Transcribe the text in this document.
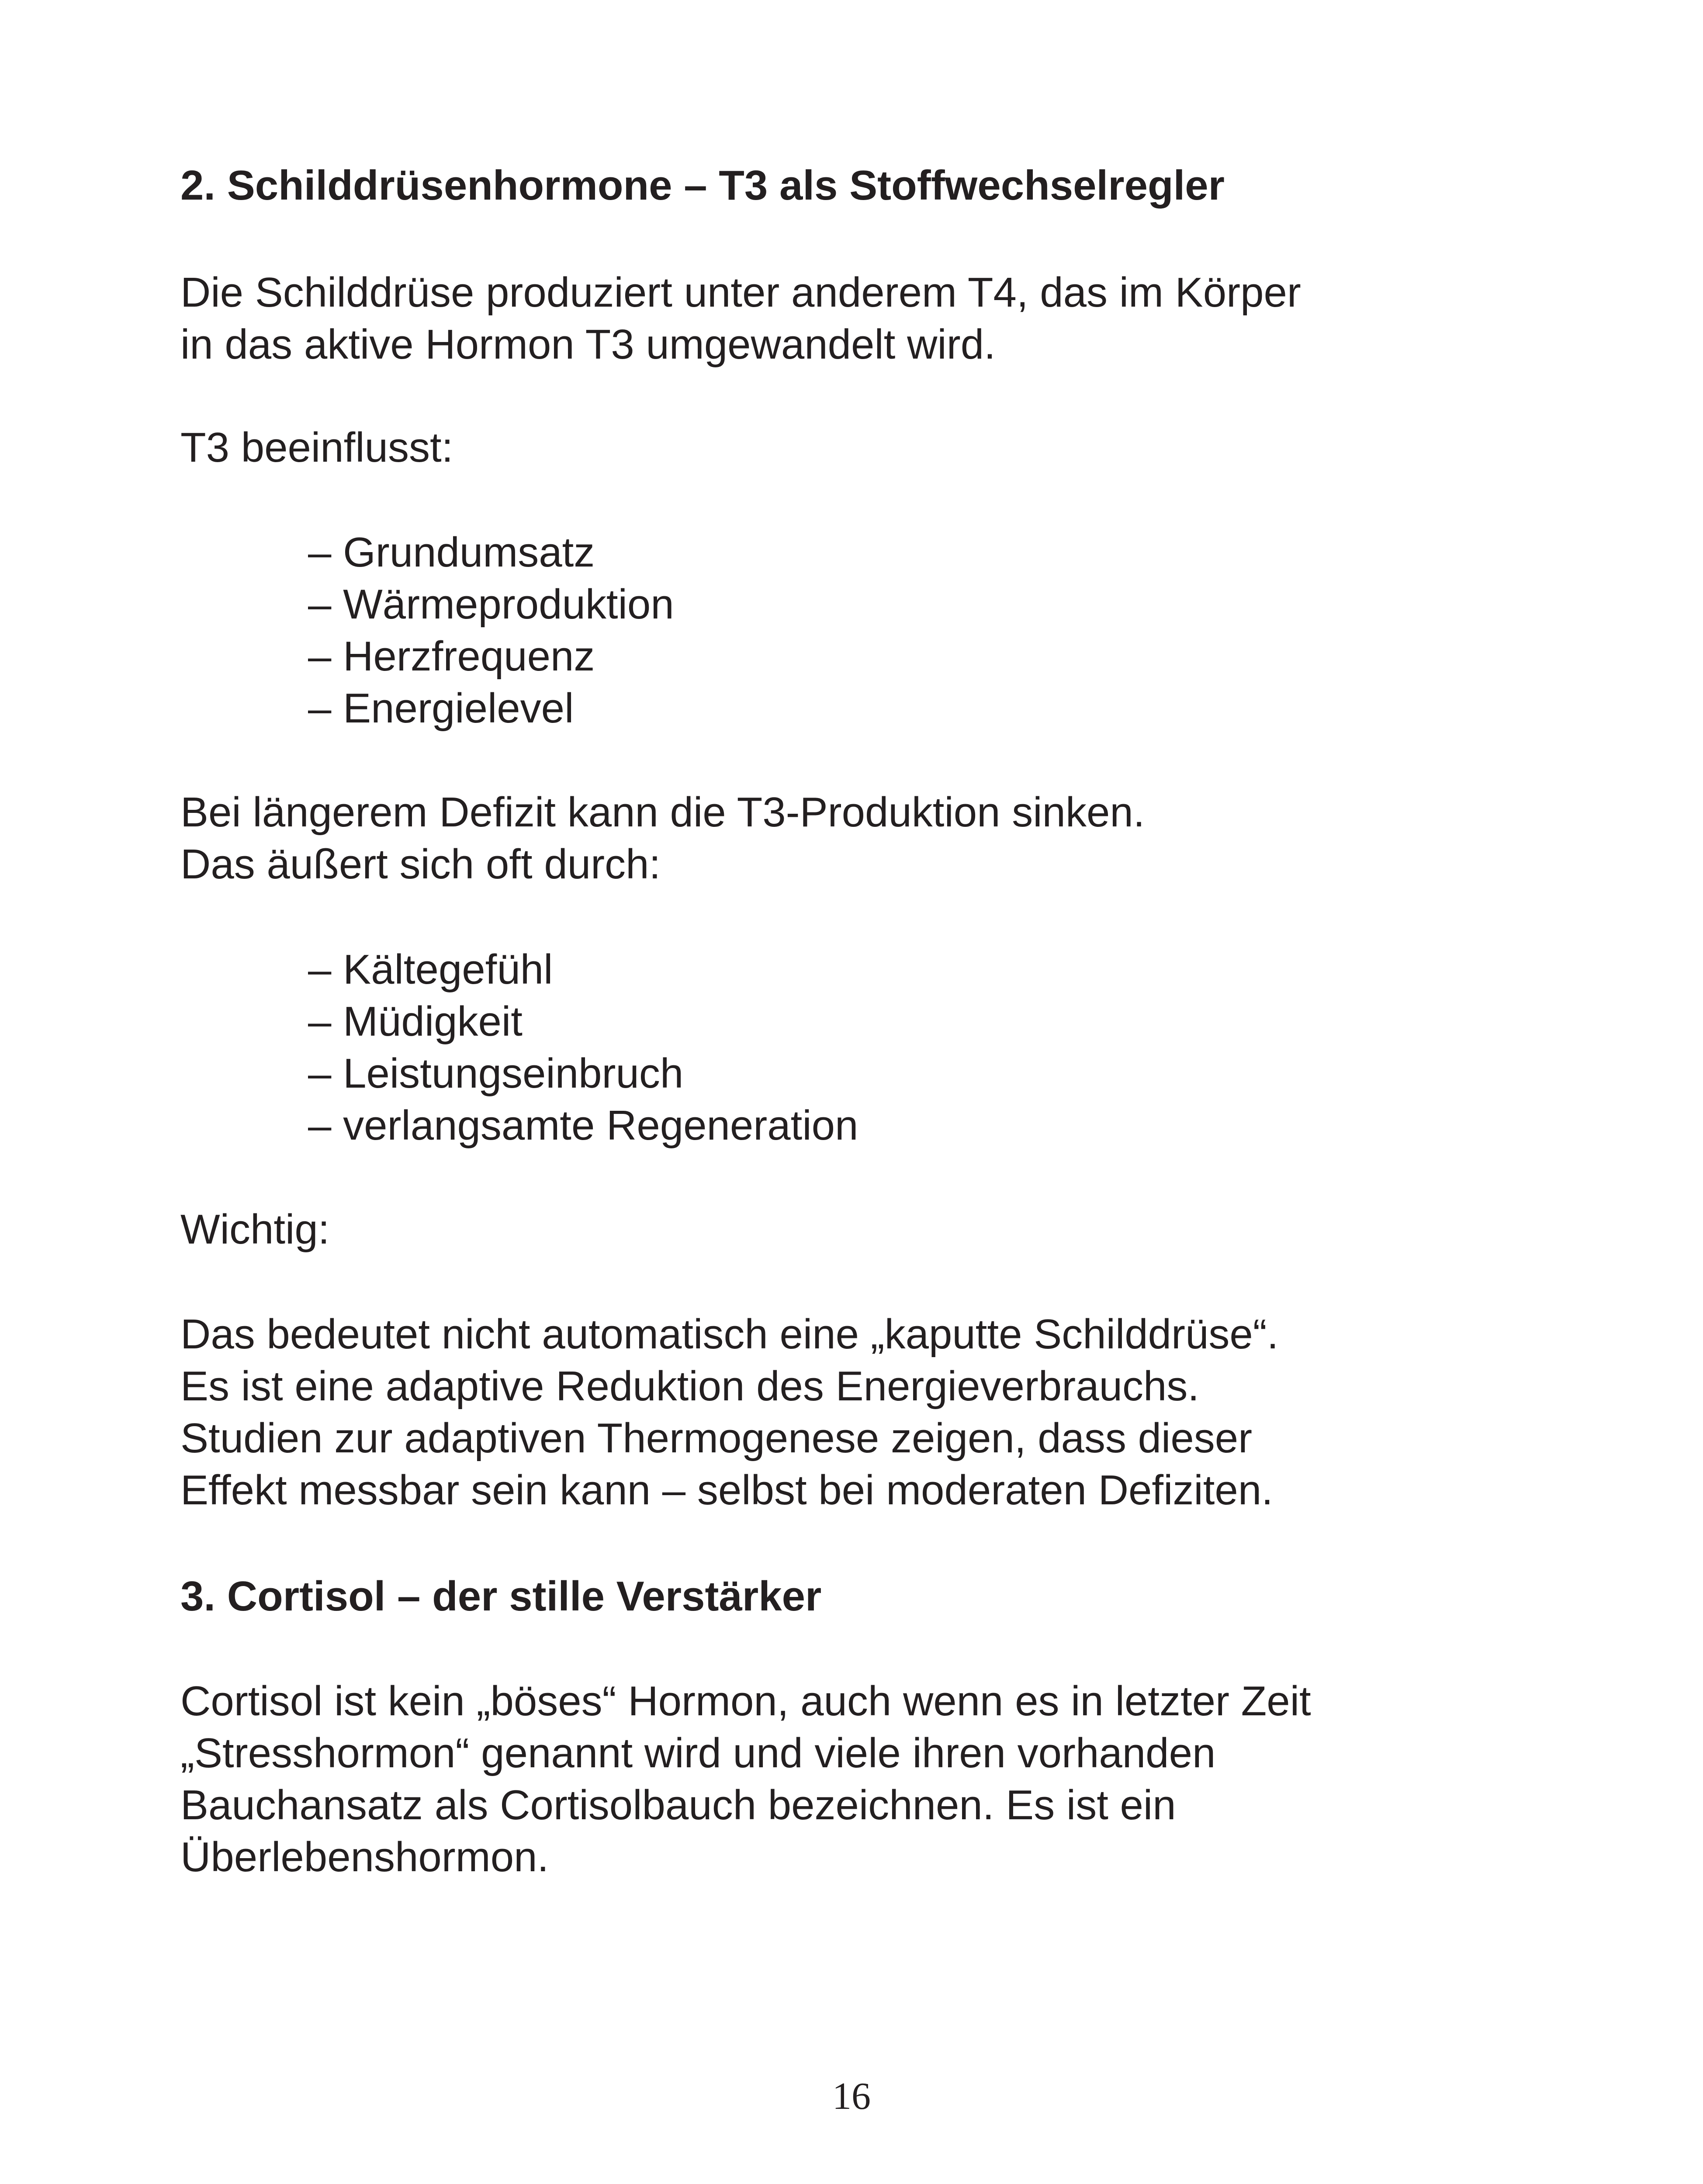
2. Schilddrüsenhormone – T3 als Stoffwechselregler

Die Schilddrüse produziert unter anderem T4, das im Körper
in das aktive Hormon T3 umgewandelt wird.

T3 beeinflusst:

– Grundumsatz
– Wärmeproduktion
– Herzfrequenz
– Energielevel

Bei längerem Defizit kann die T3-Produktion sinken.
Das äußert sich oft durch:

– Kältegefühl
– Müdigkeit
– Leistungseinbruch
– verlangsamte Regeneration

Wichtig:

Das bedeutet nicht automatisch eine „kaputte Schilddrüse“.
Es ist eine adaptive Reduktion des Energieverbrauchs.
Studien zur adaptiven Thermogenese zeigen, dass dieser
Effekt messbar sein kann – selbst bei moderaten Defiziten.

3. Cortisol – der stille Verstärker

Cortisol ist kein „böses“ Hormon, auch wenn es in letzter Zeit
„Stresshormon“ genannt wird und viele ihren vorhanden
Bauchansatz als Cortisolbauch bezeichnen. Es ist ein
Überlebenshormon.

16
